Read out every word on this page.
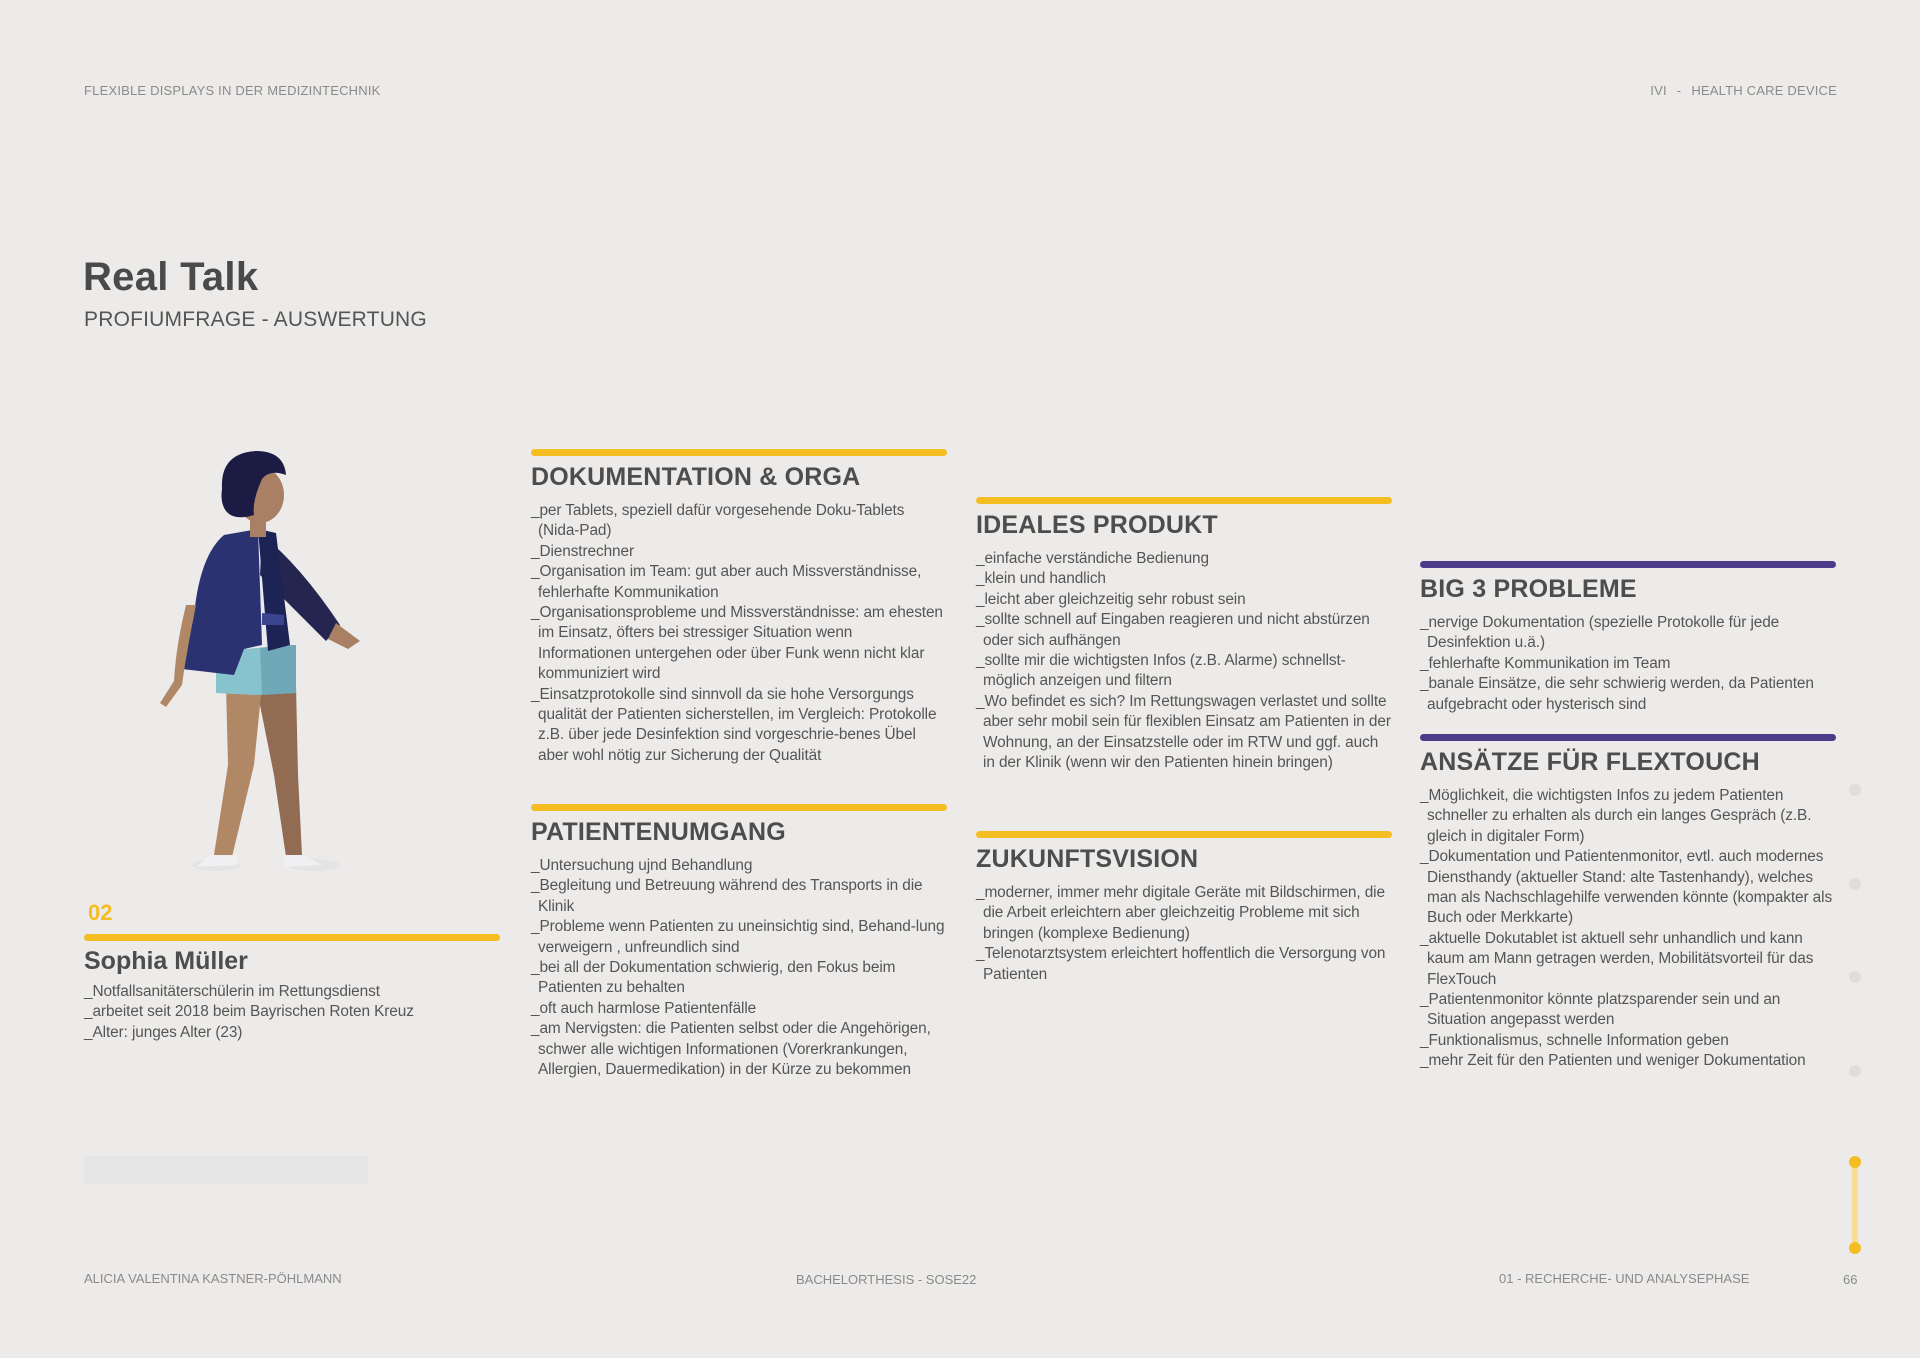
FLEXIBLE DISPLAYS IN DER MEDIZINTECHNIK	IVI - HEALTH CARE DEVICE
Real Talk
PROFIUMFRAGE - AUSWERTUNG
02
Sophia Müller
_Notfallsanitäterschülerin im Rettungsdienst
_arbeitet seit 2018 beim Bayrischen Roten Kreuz
_Alter: junges Alter (23)
DOKUMENTATION & ORGA
_per Tablets, speziell dafür vorgesehende Doku-Tablets (Nida-Pad)
_Dienstrechner
_Organisation im Team: gut aber auch Missverständnisse, fehlerhafte Kommunikation
_Organisationsprobleme und Missverständnisse: am ehesten im Einsatz, öfters bei stressiger Situation wenn Informationen untergehen oder über Funk wenn nicht klar kommuniziert wird
_Einsatzprotokolle sind sinnvoll da sie hohe Versorgungs qualität der Patienten sicherstellen, im Vergleich: Protokolle z.B. über jede Desinfektion sind vorgeschrie-benes Übel aber wohl nötig zur Sicherung der Qualität
PATIENTENUMGANG
_Untersuchung ujnd Behandlung
_Begleitung und Betreuung während des Transports in die Klinik
_Probleme wenn Patienten zu uneinsichtig sind, Behand-lung verweigern , unfreundlich sind
_bei all der Dokumentation schwierig, den Fokus beim Patienten zu behalten
_oft auch harmlose Patientenfälle
_am Nervigsten: die Patienten selbst oder die Angehörigen, schwer alle wichtigen Informationen (Vorerkrankungen, Allergien, Dauermedikation) in der Kürze zu bekommen
IDEALES PRODUKT
_einfache verständiche Bedienung
_klein und handlich
_leicht aber gleichzeitig sehr robust sein
_sollte schnell auf Eingaben reagieren und nicht abstürzen oder sich aufhängen
_sollte mir die wichtigsten Infos (z.B. Alarme) schnellst-möglich anzeigen und filtern
_Wo befindet es sich? Im Rettungswagen verlastet und sollte aber sehr mobil sein für flexiblen Einsatz am Patienten in der Wohnung, an der Einsatzstelle oder im RTW und ggf. auch in der Klinik (wenn wir den Patienten hinein bringen)
ZUKUNFTSVISION
_moderner, immer mehr digitale Geräte mit Bildschirmen, die die Arbeit erleichtern aber gleichzeitig Probleme mit sich bringen (komplexe Bedienung)
_Telenotarztsystem erleichtert hoffentlich die Versorgung von Patienten
BIG 3 PROBLEME
_nervige Dokumentation (spezielle Protokolle für jede Desinfektion u.ä.)
_fehlerhafte Kommunikation im Team
_banale Einsätze, die sehr schwierig werden, da Patienten aufgebracht oder hysterisch sind
ANSÄTZE FÜR FLEXTOUCH
_Möglichkeit, die wichtigsten Infos zu jedem Patienten schneller zu erhalten als durch ein langes Gespräch (z.B. gleich in digitaler Form)
_Dokumentation und Patientenmonitor, evtl. auch modernes Diensthandy (aktueller Stand: alte Tastenhandy), welches man als Nachschlagehilfe verwenden könnte (kompakter als Buch oder Merkkarte)
_aktuelle Dokutablet ist aktuell sehr unhandlich und kann kaum am Mann getragen werden, Mobilitätsvorteil für das FlexTouch
_Patientenmonitor könnte platzsparender sein und an Situation angepasst werden
_Funktionalismus, schnelle Information geben
_mehr Zeit für den Patienten und weniger Dokumentation
ALICIA VALENTINA KASTNER-PÖHLMANN	BACHELORTHESIS - SOSE22	01 - RECHERCHE- UND ANALYSEPHASE	66
